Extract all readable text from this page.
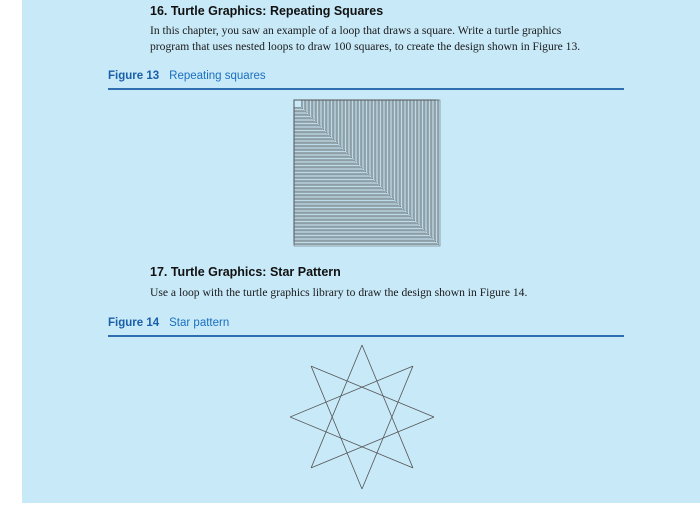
16. Turtle Graphics: Repeating Squares
In this chapter, you saw an example of a loop that draws a square. Write a turtle graphics
program that uses nested loops to draw 100 squares, to create the design shown in Figure 13.
Figure 13 Repeating squares
17. Turtle Graphics: Star Pattern
Use a loop with the turtle graphics library to draw the design shown in Figure 14.
Figure 14 Star pattern
